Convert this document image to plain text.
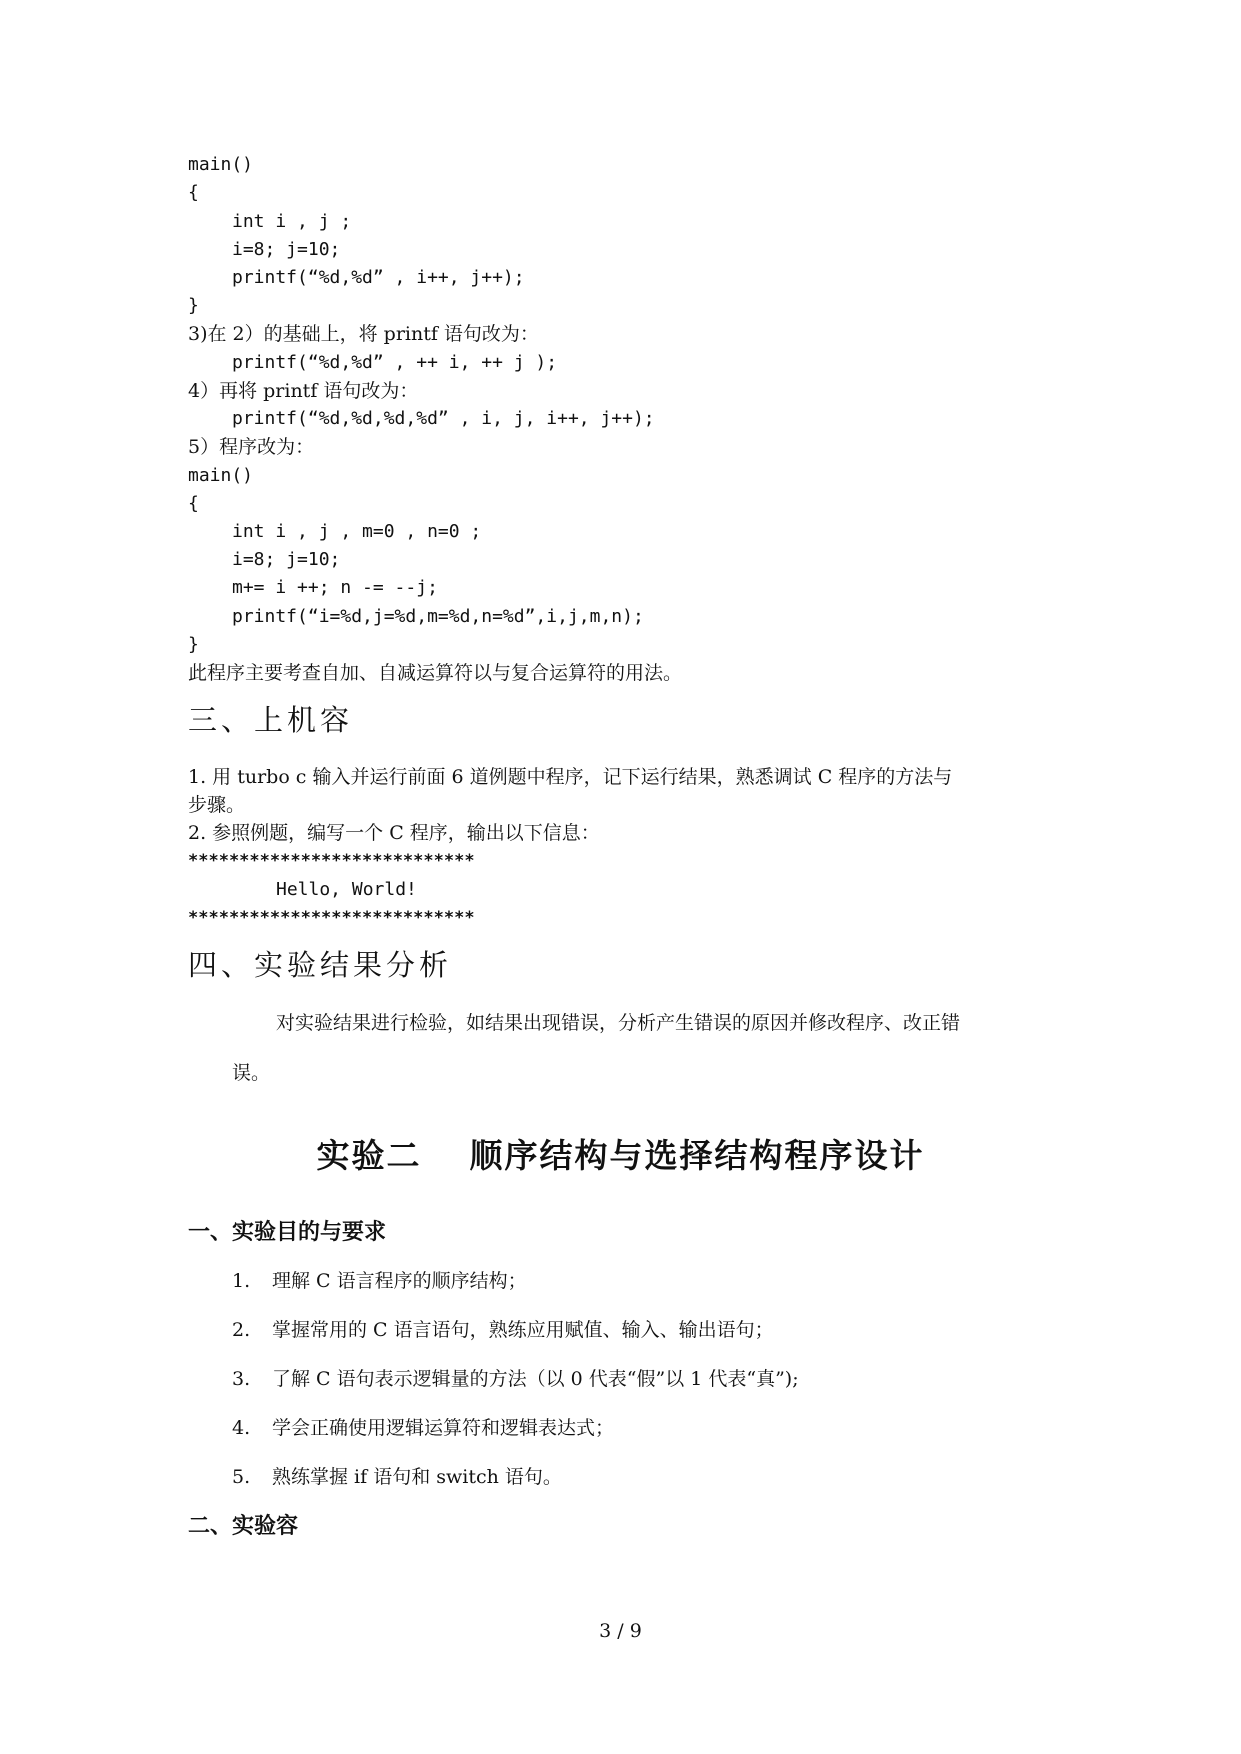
main()
{
int i , j ;
i=8; j=10;
printf(“%d,%d” , i++, j++);
}
3)在 2）的基础上，将 printf 语句改为：
printf(“%d,%d” , ++ i, ++ j );
4）再将 printf 语句改为：
printf(“%d,%d,%d,%d” , i, j, i++, j++);
5）程序改为：
main()
{
int i , j , m=0 , n=0 ;
i=8; j=10;
m+= i ++; n -= --j;
printf(“i=%d,j=%d,m=%d,n=%d”,i,j,m,n);
}
此程序主要考查自加、自减运算符以与复合运算符的用法。
三、上机容
1. 用 turbo c 输入并运行前面 6 道例题中程序，记下运行结果，熟悉调试 C 程序的方法与
步骤。
2. 参照例题，编写一个 C 程序，输出以下信息：
****************************
Hello, World!
****************************
四、实验结果分析
对实验结果进行检验，如结果出现错误，分析产生错误的原因并修改程序、改正错
误。
实验二 顺序结构与选择结构程序设计
一、实验目的与要求
1. 理解 C 语言程序的顺序结构；
2. 掌握常用的 C 语言语句，熟练应用赋值、输入、输出语句；
3. 了解 C 语句表示逻辑量的方法（以 0 代表“假”以 1 代表“真”);
4. 学会正确使用逻辑运算符和逻辑表达式；
5. 熟练掌握 if 语句和 switch 语句。
二、实验容
3 / 9
